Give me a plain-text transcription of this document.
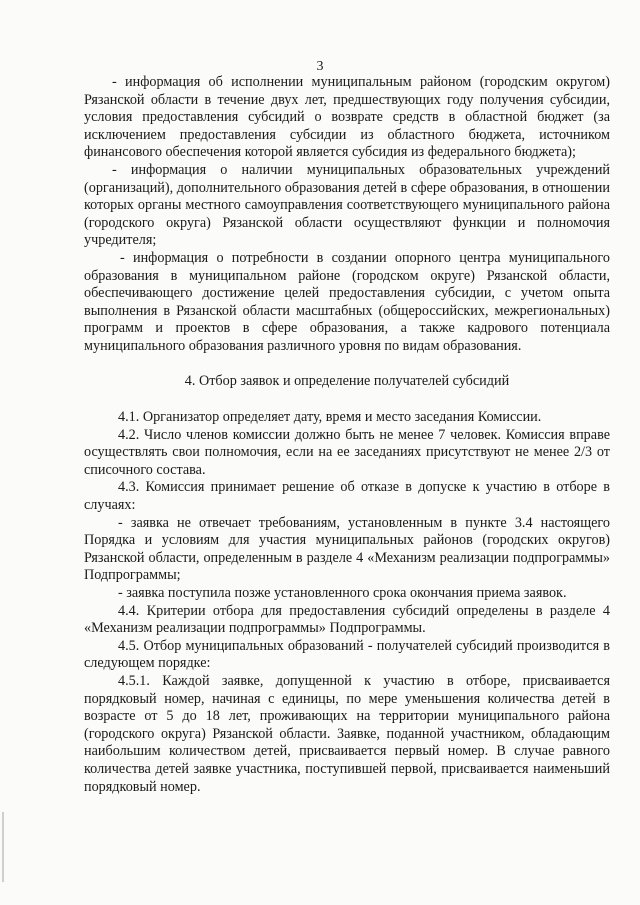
3

- информация об исполнении муниципальным районом (городским округом) Рязанской области в течение двух лет, предшествующих году получения субсидии, условия предоставления субсидий о возврате средств в областной бюджет (за исключением предоставления субсидии из областного бюджета, источником финансового обеспечения которой является субсидия из федерального бюджета);

- информация о наличии муниципальных образовательных учреждений (организаций), дополнительного образования детей в сфере образования, в отношении которых органы местного самоуправления соответствующего муниципального района (городского округа) Рязанской области осуществляют функции и полномочия учредителя;

- информация о потребности в создании опорного центра муниципального образования в муниципальном районе (городском округе) Рязанской области, обеспечивающего достижение целей предоставления субсидии, с учетом опыта выполнения в Рязанской области масштабных (общероссийских, межрегиональных) программ и проектов в сфере образования, а также кадрового потенциала муниципального образования различного уровня по видам образования.

4. Отбор заявок и определение получателей субсидий

4.1. Организатор определяет дату, время и место заседания Комиссии.

4.2. Число членов комиссии должно быть не менее 7 человек. Комиссия вправе осуществлять свои полномочия, если на ее заседаниях присутствуют не менее 2/3 от списочного состава.

4.3. Комиссия принимает решение об отказе в допуске к участию в отборе в случаях:

- заявка не отвечает требованиям, установленным в пункте 3.4 настоящего Порядка и условиям для участия муниципальных районов (городских округов) Рязанской области, определенным в разделе 4 «Механизм реализации подпрограммы» Подпрограммы;

- заявка поступила позже установленного срока окончания приема заявок.

4.4. Критерии отбора для предоставления субсидий определены в разделе 4 «Механизм реализации подпрограммы» Подпрограммы.

4.5. Отбор муниципальных образований - получателей субсидий производится в следующем порядке:

4.5.1. Каждой заявке, допущенной к участию в отборе, присваивается порядковый номер, начиная с единицы, по мере уменьшения количества детей в возрасте от 5 до 18 лет, проживающих на территории муниципального района (городского округа) Рязанской области. Заявке, поданной участником, обладающим наибольшим количеством детей, присваивается первый номер. В случае равного количества детей заявке участника, поступившей первой, присваивается наименьший порядковый номер.
